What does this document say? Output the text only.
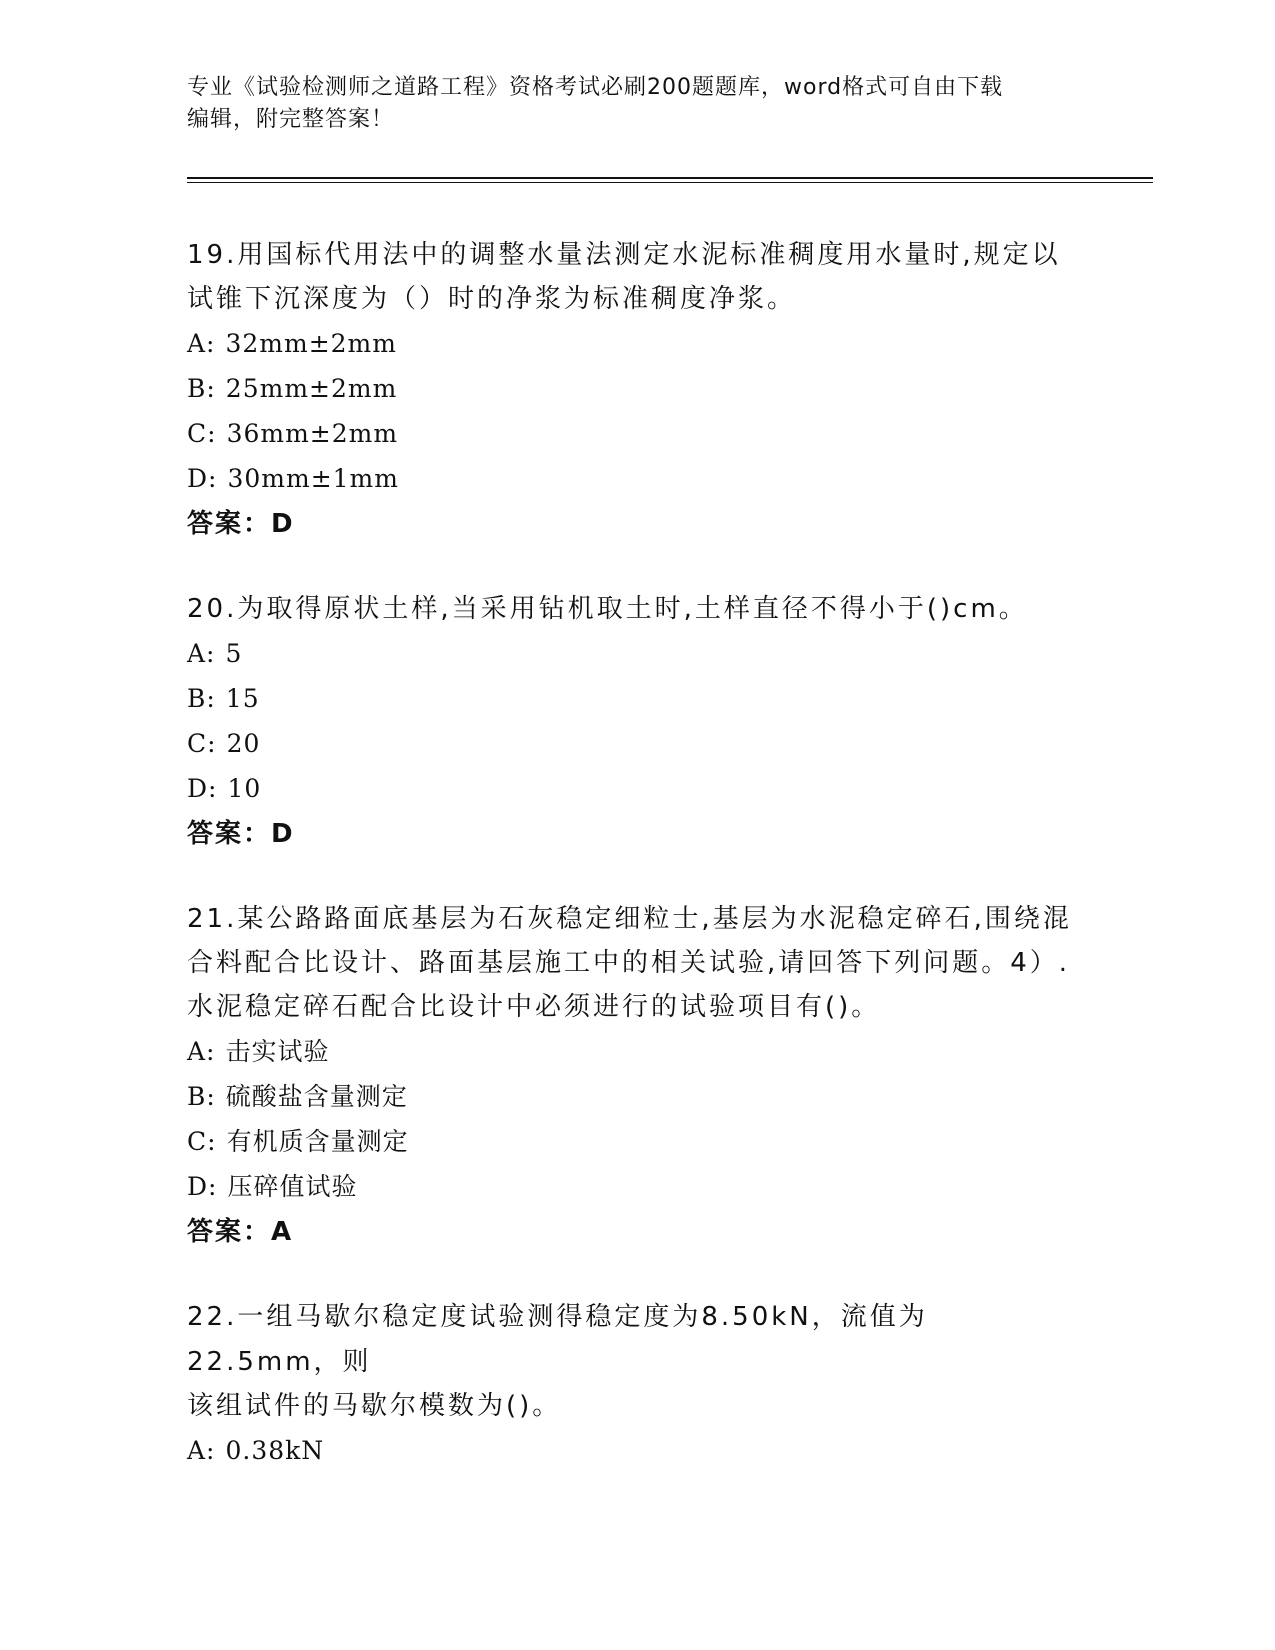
专业《试验检测师之道路工程》资格考试必刷200题题库，word格式可自由下载
编辑，附完整答案！
19.用国标代用法中的调整水量法测定水泥标准稠度用水量时,规定以
试锥下沉深度为（）时的净浆为标准稠度净浆。
A: 32mm±2mm
B: 25mm±2mm
C: 36mm±2mm
D: 30mm±1mm
答案：D
20.为取得原状土样,当采用钻机取土时,土样直径不得小于()cm。
A: 5
B: 15
C: 20
D: 10
答案：D
21.某公路路面底基层为石灰稳定细粒士,基层为水泥稳定碎石,围绕混
合料配合比设计、路面基层施工中的相关试验,请回答下列问题。4）.
水泥稳定碎石配合比设计中必须进行的试验项目有()。
A: 击实试验
B: 硫酸盐含量测定
C: 有机质含量测定
D: 压碎值试验
答案：A
22.一组马歇尔稳定度试验测得稳定度为8.50kN，流值为22.5mm，则
该组试件的马歇尔模数为()。
A: 0.38kN
